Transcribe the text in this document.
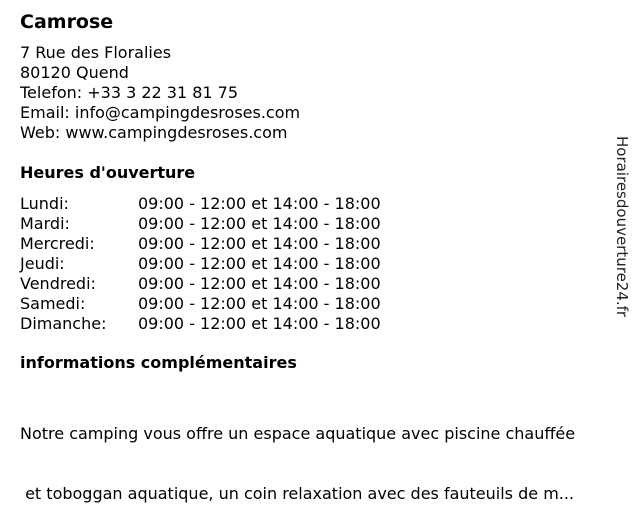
Camrose
7 Rue des Floralies
80120 Quend
Telefon: +33 3 22 31 81 75
Email: info@campingdesroses.com
Web: www.campingdesroses.com
Heures d'ouverture
Lundi:	09:00 - 12:00 et 14:00 - 18:00
Mardi:	09:00 - 12:00 et 14:00 - 18:00
Mercredi:	09:00 - 12:00 et 14:00 - 18:00
Jeudi:	09:00 - 12:00 et 14:00 - 18:00
Vendredi:	09:00 - 12:00 et 14:00 - 18:00
Samedi:	09:00 - 12:00 et 14:00 - 18:00
Dimanche: 09:00 - 12:00 et 14:00 - 18:00
informations complémentaires

Notre camping vous offre un espace aquatique avec piscine chauffée

et toboggan aquatique, un coin relaxation avec des fauteuils de m...

Horairesdouverture24.fr
